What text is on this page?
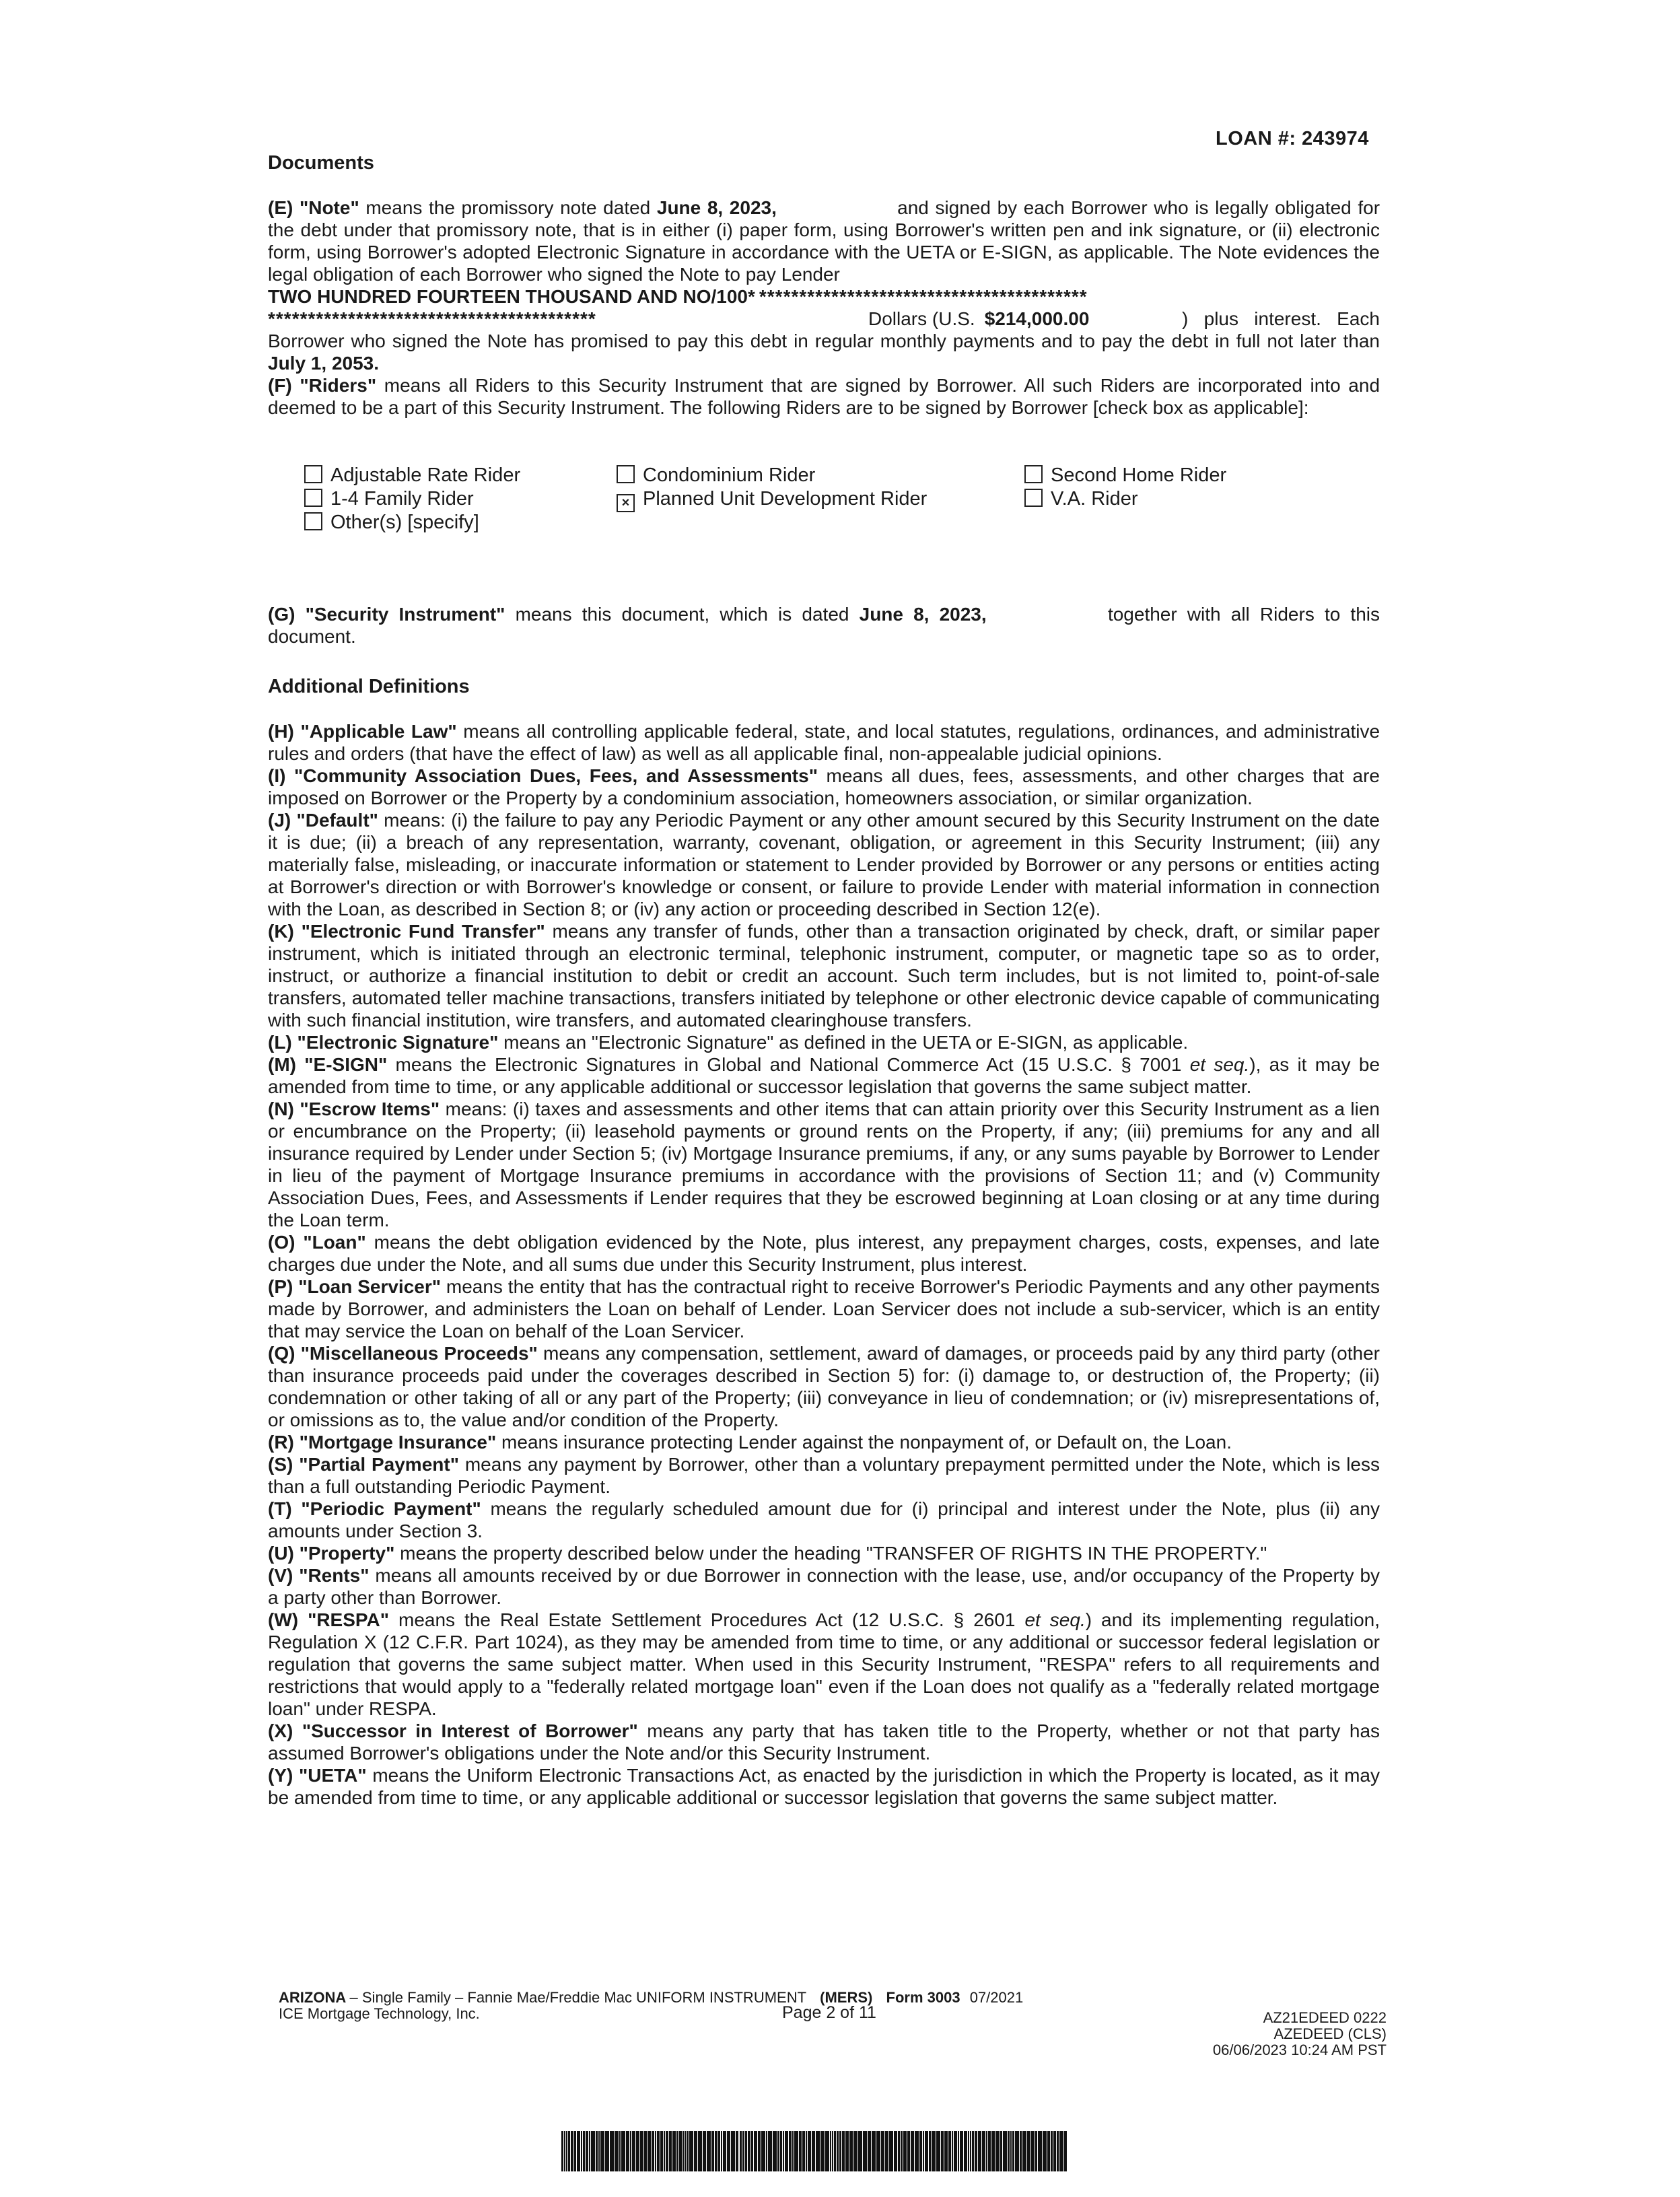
LOAN #: 243974
Documents

(E) "Note" means the promissory note dated June 8, 2023,	and signed by each Borrower who is legally obligated for the debt under that promissory note, that is in either (i) paper form, using Borrower's written pen and ink signature, or (ii) electronic form, using Borrower's adopted Electronic Signature in accordance with the UETA or E-SIGN, as applicable. The Note evidences the legal obligation of each Borrower who signed the Note to pay Lender

TWO HUNDRED FOURTEEN THOUSAND AND NO/100* *****************************************
*****************************************	Dollars (U.S. $214,000.00	) plus interest. Each Borrower who signed the Note has promised to pay this debt in regular monthly payments and to pay the debt in full not later than July 1, 2053.

(F) "Riders" means all Riders to this Security Instrument that are signed by Borrower. All such Riders are incorporated into and deemed to be a part of this Security Instrument. The following Riders are to be signed by Borrower [check box as applicable]:

Adjustable Rate Rider	Condominium Rider	Second Home Rider
1-4 Family Rider	× Planned Unit Development Rider	V.A. Rider
Other(s) [specify]

(G) "Security Instrument" means this document, which is dated June 8, 2023,	together with all Riders to this document.

Additional Definitions

(H) "Applicable Law" means all controlling applicable federal, state, and local statutes, regulations, ordinances, and administrative rules and orders (that have the effect of law) as well as all applicable final, non-appealable judicial opinions.

(I) "Community Association Dues, Fees, and Assessments" means all dues, fees, assessments, and other charges that are imposed on Borrower or the Property by a condominium association, homeowners association, or similar organization.

(J) "Default" means: (i) the failure to pay any Periodic Payment or any other amount secured by this Security Instrument on the date it is due; (ii) a breach of any representation, warranty, covenant, obligation, or agreement in this Security Instrument; (iii) any materially false, misleading, or inaccurate information or statement to Lender provided by Borrower or any persons or entities acting at Borrower's direction or with Borrower's knowledge or consent, or failure to provide Lender with material information in connection with the Loan, as described in Section 8; or (iv) any action or proceeding described in Section 12(e).

(K) "Electronic Fund Transfer" means any transfer of funds, other than a transaction originated by check, draft, or similar paper instrument, which is initiated through an electronic terminal, telephonic instrument, computer, or magnetic tape so as to order, instruct, or authorize a financial institution to debit or credit an account. Such term includes, but is not limited to, point-of-sale transfers, automated teller machine transactions, transfers initiated by telephone or other electronic device capable of communicating with such financial institution, wire transfers, and automated clearinghouse transfers.

(L) "Electronic Signature" means an "Electronic Signature" as defined in the UETA or E-SIGN, as applicable.

(M) "E-SIGN" means the Electronic Signatures in Global and National Commerce Act (15 U.S.C. § 7001 et seq.), as it may be amended from time to time, or any applicable additional or successor legislation that governs the same subject matter.

(N) "Escrow Items" means: (i) taxes and assessments and other items that can attain priority over this Security Instrument as a lien or encumbrance on the Property; (ii) leasehold payments or ground rents on the Property, if any; (iii) premiums for any and all insurance required by Lender under Section 5; (iv) Mortgage Insurance premiums, if any, or any sums payable by Borrower to Lender in lieu of the payment of Mortgage Insurance premiums in accordance with the provisions of Section 11; and (v) Community Association Dues, Fees, and Assessments if Lender requires that they be escrowed beginning at Loan closing or at any time during the Loan term.

(O) "Loan" means the debt obligation evidenced by the Note, plus interest, any prepayment charges, costs, expenses, and late charges due under the Note, and all sums due under this Security Instrument, plus interest.

(P) "Loan Servicer" means the entity that has the contractual right to receive Borrower's Periodic Payments and any other payments made by Borrower, and administers the Loan on behalf of Lender. Loan Servicer does not include a sub-servicer, which is an entity that may service the Loan on behalf of the Loan Servicer.

(Q) "Miscellaneous Proceeds" means any compensation, settlement, award of damages, or proceeds paid by any third party (other than insurance proceeds paid under the coverages described in Section 5) for: (i) damage to, or destruction of, the Property; (ii) condemnation or other taking of all or any part of the Property; (iii) conveyance in lieu of condemnation; or (iv) misrepresentations of, or omissions as to, the value and/or condition of the Property.

(R) "Mortgage Insurance" means insurance protecting Lender against the nonpayment of, or Default on, the Loan.

(S) "Partial Payment" means any payment by Borrower, other than a voluntary prepayment permitted under the Note, which is less than a full outstanding Periodic Payment.

(T) "Periodic Payment" means the regularly scheduled amount due for (i) principal and interest under the Note, plus (ii) any amounts under Section 3.

(U) "Property" means the property described below under the heading "TRANSFER OF RIGHTS IN THE PROPERTY."

(V) "Rents" means all amounts received by or due Borrower in connection with the lease, use, and/or occupancy of the Property by a party other than Borrower.

(W) "RESPA" means the Real Estate Settlement Procedures Act (12 U.S.C. § 2601 et seq.) and its implementing regulation, Regulation X (12 C.F.R. Part 1024), as they may be amended from time to time, or any additional or successor federal legislation or regulation that governs the same subject matter. When used in this Security Instrument, "RESPA" refers to all requirements and restrictions that would apply to a "federally related mortgage loan" even if the Loan does not qualify as a "federally related mortgage loan" under RESPA.

(X) "Successor in Interest of Borrower" means any party that has taken title to the Property, whether or not that party has assumed Borrower's obligations under the Note and/or this Security Instrument.

(Y) "UETA" means the Uniform Electronic Transactions Act, as enacted by the jurisdiction in which the Property is located, as it may be amended from time to time, or any applicable additional or successor legislation that governs the same subject matter.

ARIZONA – Single Family – Fannie Mae/Freddie Mac UNIFORM INSTRUMENT (MERS) Form 3003 07/2021
ICE Mortgage Technology, Inc.	Page 2 of 11	AZ21EDEED 0222
AZEDEED (CLS)
06/06/2023 10:24 AM PST
